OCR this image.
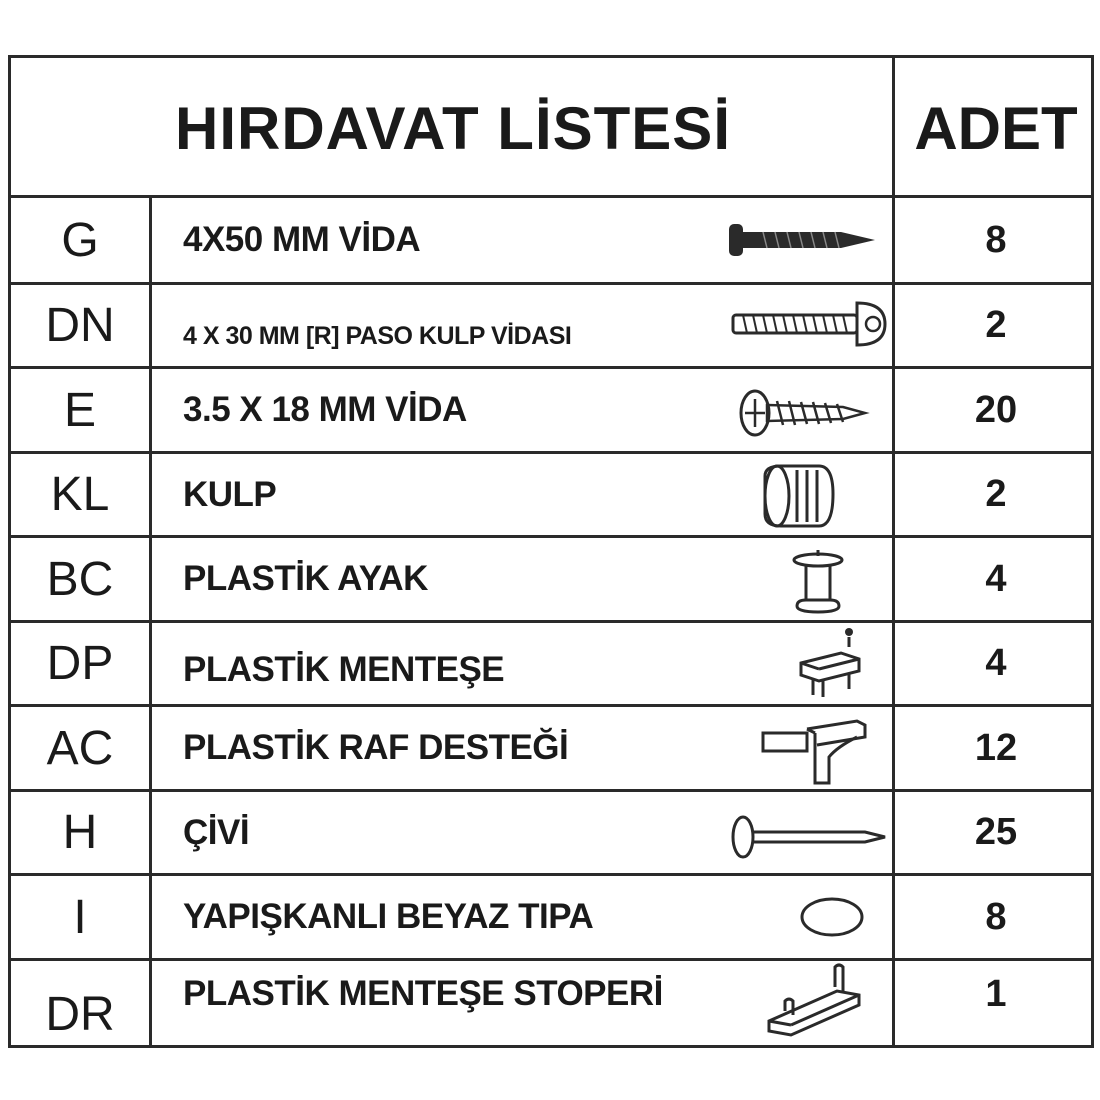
HIRDAVAT LİSTESİ	ADET
G	4X50 MM VİDA	8
DN	4 X 30 MM [R] PASO KULP VİDASI	2
E	3.5 X 18 MM VİDA	20
KL	KULP	2
BC	PLASTİK AYAK	4
DP	PLASTİK MENTEŞE	4
AC	PLASTİK RAF DESTEĞİ	12
H	ÇİVİ	25
I	YAPIŞKANLI BEYAZ TIPA	8
DR	PLASTİK MENTEŞE STOPERİ	1
